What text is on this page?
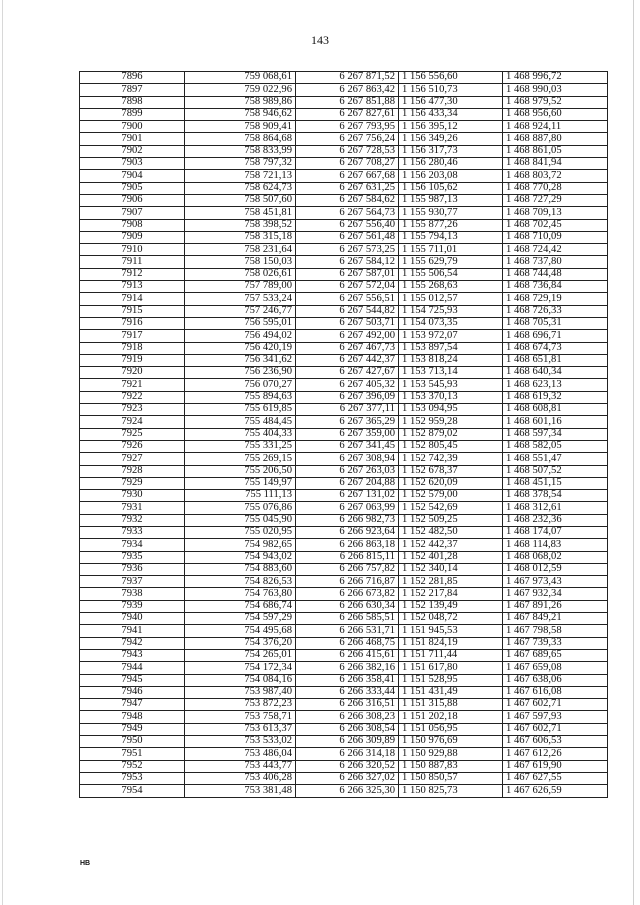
143
7896	759 068,61	6 267 871,52	1 156 556,60	1 468 996,72
7897	759 022,96	6 267 863,42	1 156 510,73	1 468 990,03
7898	758 989,86	6 267 851,88	1 156 477,30	1 468 979,52
7899	758 946,62	6 267 827,61	1 156 433,34	1 468 956,60
7900	758 909,41	6 267 793,95	1 156 395,12	1 468 924,11
7901	758 864,68	6 267 756,24	1 156 349,26	1 468 887,80
7902	758 833,99	6 267 728,53	1 156 317,73	1 468 861,05
7903	758 797,32	6 267 708,27	1 156 280,46	1 468 841,94
7904	758 721,13	6 267 667,68	1 156 203,08	1 468 803,72
7905	758 624,73	6 267 631,25	1 156 105,62	1 468 770,28
7906	758 507,60	6 267 584,62	1 155 987,13	1 468 727,29
7907	758 451,81	6 267 564,73	1 155 930,77	1 468 709,13
7908	758 398,52	6 267 556,40	1 155 877,26	1 468 702,45
7909	758 315,18	6 267 561,48	1 155 794,13	1 468 710,09
7910	758 231,64	6 267 573,25	1 155 711,01	1 468 724,42
7911	758 150,03	6 267 584,12	1 155 629,79	1 468 737,80
7912	758 026,61	6 267 587,01	1 155 506,54	1 468 744,48
7913	757 789,00	6 267 572,04	1 155 268,63	1 468 736,84
7914	757 533,24	6 267 556,51	1 155 012,57	1 468 729,19
7915	757 246,77	6 267 544,82	1 154 725,93	1 468 726,33
7916	756 595,01	6 267 503,71	1 154 073,35	1 468 705,31
7917	756 494,02	6 267 492,00	1 153 972,07	1 468 696,71
7918	756 420,19	6 267 467,73	1 153 897,54	1 468 674,73
7919	756 341,62	6 267 442,37	1 153 818,24	1 468 651,81
7920	756 236,90	6 267 427,67	1 153 713,14	1 468 640,34
7921	756 070,27	6 267 405,32	1 153 545,93	1 468 623,13
7922	755 894,63	6 267 396,09	1 153 370,13	1 468 619,32
7923	755 619,85	6 267 377,11	1 153 094,95	1 468 608,81
7924	755 484,45	6 267 365,29	1 152 959,28	1 468 601,16
7925	755 404,33	6 267 359,00	1 152 879,02	1 468 597,34
7926	755 331,25	6 267 341,45	1 152 805,45	1 468 582,05
7927	755 269,15	6 267 308,94	1 152 742,39	1 468 551,47
7928	755 206,50	6 267 263,03	1 152 678,37	1 468 507,52
7929	755 149,97	6 267 204,88	1 152 620,09	1 468 451,15
7930	755 111,13	6 267 131,02	1 152 579,00	1 468 378,54
7931	755 076,86	6 267 063,99	1 152 542,69	1 468 312,61
7932	755 045,90	6 266 982,73	1 152 509,25	1 468 232,36
7933	755 020,95	6 266 923,64	1 152 482,50	1 468 174,07
7934	754 982,65	6 266 863,18	1 152 442,37	1 468 114,83
7935	754 943,02	6 266 815,11	1 152 401,28	1 468 068,02
7936	754 883,60	6 266 757,82	1 152 340,14	1 468 012,59
7937	754 826,53	6 266 716,87	1 152 281,85	1 467 973,43
7938	754 763,80	6 266 673,82	1 152 217,84	1 467 932,34
7939	754 686,74	6 266 630,34	1 152 139,49	1 467 891,26
7940	754 597,29	6 266 585,51	1 152 048,72	1 467 849,21
7941	754 495,68	6 266 531,71	1 151 945,53	1 467 798,58
7942	754 376,20	6 266 468,75	1 151 824,19	1 467 739,33
7943	754 265,01	6 266 415,61	1 151 711,44	1 467 689,65
7944	754 172,34	6 266 382,16	1 151 617,80	1 467 659,08
7945	754 084,16	6 266 358,41	1 151 528,95	1 467 638,06
7946	753 987,40	6 266 333,44	1 151 431,49	1 467 616,08
7947	753 872,23	6 266 316,51	1 151 315,88	1 467 602,71
7948	753 758,71	6 266 308,23	1 151 202,18	1 467 597,93
7949	753 613,37	6 266 308,54	1 151 056,95	1 467 602,71
7950	753 533,02	6 266 309,89	1 150 976,69	1 467 606,53
7951	753 486,04	6 266 314,18	1 150 929,88	1 467 612,26
7952	753 443,77	6 266 320,52	1 150 887,83	1 467 619,90
7953	753 406,28	6 266 327,02	1 150 850,57	1 467 627,55
7954	753 381,48	6 266 325,30	1 150 825,73	1 467 626,59
НВ
